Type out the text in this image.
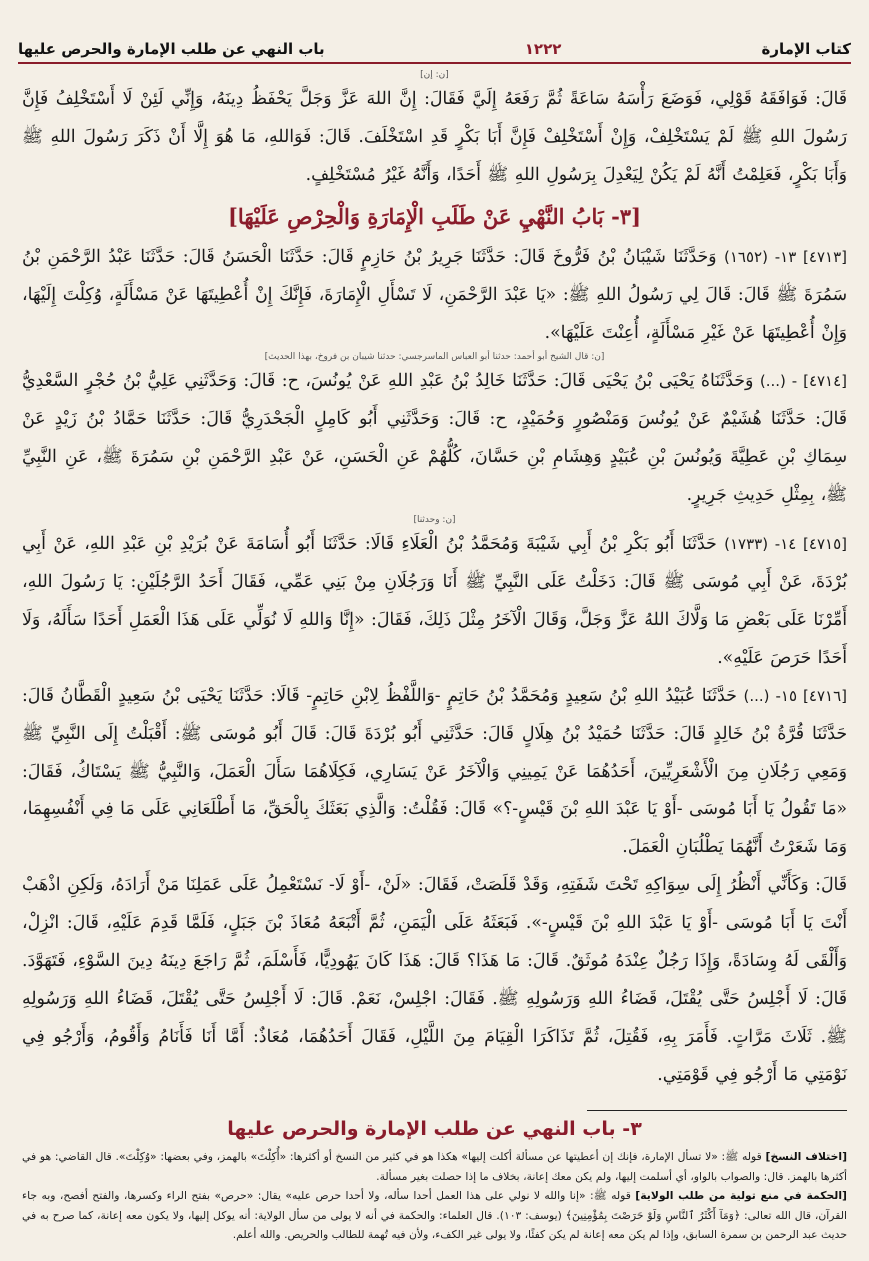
كتاب الإمارة
١٢٢٢
باب النهي عن طلب الإمارة والحرص عليها
[ن: إن]

قَالَ: فَوَافَقَهُ قَوْلِي، فَوَضَعَ رَأْسَهُ سَاعَةً ثُمَّ رَفَعَهُ إِلَيَّ فَقَالَ: إِنَّ اللهَ عَزَّ وَجَلَّ يَحْفَظُ دِينَهُ، وَإِنِّي لَئِنْ لَا أَسْتَخْلِفُ فَإِنَّ رَسُولَ اللهِ ﷺ لَمْ يَسْتَخْلِفْ، وَإِنْ أَسْتَخْلِفْ فَإِنَّ أَبَا بَكْرٍ قَدِ اسْتَخْلَفَ. قَالَ: فَوَاللهِ، مَا هُوَ إِلَّا أَنْ ذَكَرَ رَسُولَ اللهِ ﷺ وَأَبَا بَكْرٍ، فَعَلِمْتُ أَنَّهُ لَمْ يَكُنْ لِيَعْدِلَ بِرَسُولِ اللهِ ﷺ أَحَدًا، وَأَنَّهُ غَيْرُ مُسْتَخْلِفٍ.

[٣- بَابُ النَّهْيِ عَنْ طَلَبِ الْإِمَارَةِ وَالْحِرْصِ عَلَيْهَا]

[٤٧١٣] ١٣- (١٦٥٢) وَحَدَّثَنَا شَيْبَانُ بْنُ فَرُّوخَ قَالَ: حَدَّثَنَا جَرِيرُ بْنُ حَازِمٍ قَالَ: حَدَّثَنَا الْحَسَنُ قَالَ: حَدَّثَنَا عَبْدُ الرَّحْمَنِ بْنُ سَمُرَةَ ﷺ قَالَ: قَالَ لِي رَسُولُ اللهِ ﷺ: «يَا عَبْدَ الرَّحْمَنِ، لَا تَسْأَلِ الْإِمَارَةَ، فَإِنَّكَ إِنْ أُعْطِيتَهَا عَنْ مَسْأَلَةٍ، وُكِلْتَ إِلَيْهَا، وَإِنْ أُعْطِيتَهَا عَنْ غَيْرِ مَسْأَلَةٍ، أُعِنْتَ عَلَيْهَا».

[ن: قال الشيخ أبو أحمد: حدثنا أبو العباس الماسرجسي: حدثنا شيبان بن فروخ، بهذا الحديث]

[٤٧١٤] - (...) وَحَدَّثَنَاهُ يَحْيَى بْنُ يَحْيَى قَالَ: حَدَّثَنَا خَالِدُ بْنُ عَبْدِ اللهِ عَنْ يُونُسَ، ح: قَالَ: وَحَدَّثَنِي عَلِيُّ بْنُ حُجْرٍ السَّعْدِيُّ قَالَ: حَدَّثَنَا هُشَيْمٌ عَنْ يُونُسَ وَمَنْصُورٍ وَحُمَيْدٍ، ح: قَالَ: وَحَدَّثَنِي أَبُو كَامِلٍ الْجَحْدَرِيُّ قَالَ: حَدَّثَنَا حَمَّادُ بْنُ زَيْدٍ عَنْ سِمَاكِ بْنِ عَطِيَّةَ وَيُونُسَ بْنِ عُبَيْدٍ وَهِشَامِ بْنِ حَسَّانَ، كُلُّهُمْ عَنِ الْحَسَنِ، عَنْ عَبْدِ الرَّحْمَنِ بْنِ سَمُرَةَ ﷺ، عَنِ النَّبِيِّ ﷺ، بِمِثْلِ حَدِيثِ جَرِيرٍ.

[ن: وحدثنا]

[٤٧١٥] ١٤- (١٧٣٣) حَدَّثَنَا أَبُو بَكْرِ بْنُ أَبِي شَيْبَةَ وَمُحَمَّدُ بْنُ الْعَلَاءِ قَالَا: حَدَّثَنَا أَبُو أُسَامَةَ عَنْ بُرَيْدِ بْنِ عَبْدِ اللهِ، عَنْ أَبِي بُرْدَةَ، عَنْ أَبِي مُوسَى ﷺ قَالَ: دَخَلْتُ عَلَى النَّبِيِّ ﷺ أَنَا وَرَجُلَانِ مِنْ بَنِي عَمِّي، فَقَالَ أَحَدُ الرَّجُلَيْنِ: يَا رَسُولَ اللهِ، أَمِّرْنَا عَلَى بَعْضِ مَا وَلَّاكَ اللهُ عَزَّ وَجَلَّ، وَقَالَ الْآخَرُ مِثْلَ ذَلِكَ، فَقَالَ: «إِنَّا وَاللهِ لَا نُوَلِّي عَلَى هَذَا الْعَمَلِ أَحَدًا سَأَلَهُ، وَلَا أَحَدًا حَرَصَ عَلَيْهِ».

[٤٧١٦] ١٥- (...) حَدَّثَنَا عُبَيْدُ اللهِ بْنُ سَعِيدٍ وَمُحَمَّدُ بْنُ حَاتِمٍ -وَاللَّفْظُ لِابْنِ حَاتِمٍ- قَالَا: حَدَّثَنَا يَحْيَى بْنُ سَعِيدٍ الْقَطَّانُ قَالَ: حَدَّثَنَا قُرَّةُ بْنُ خَالِدٍ قَالَ: حَدَّثَنَا حُمَيْدُ بْنُ هِلَالٍ قَالَ: حَدَّثَنِي أَبُو بُرْدَةَ قَالَ: قَالَ أَبُو مُوسَى ﷺ: أَقْبَلْتُ إِلَى النَّبِيِّ ﷺ وَمَعِي رَجُلَانِ مِنَ الْأَشْعَرِيِّينَ، أَحَدُهُمَا عَنْ يَمِينِي وَالْآخَرُ عَنْ يَسَارِي، فَكِلَاهُمَا سَأَلَ الْعَمَلَ، وَالنَّبِيُّ ﷺ يَسْتَاكُ، فَقَالَ: «مَا تَقُولُ يَا أَبَا مُوسَى -أَوْ يَا عَبْدَ اللهِ بْنَ قَيْسٍ-؟» قَالَ: فَقُلْتُ: وَالَّذِي بَعَثَكَ بِالْحَقِّ، مَا أَطْلَعَانِي عَلَى مَا فِي أَنْفُسِهِمَا، وَمَا شَعَرْتُ أَنَّهُمَا يَطْلُبَانِ الْعَمَلَ.

قَالَ: وَكَأَنِّي أَنْظُرُ إِلَى سِوَاكِهِ تَحْتَ شَفَتِهِ، وَقَدْ قَلَصَتْ، فَقَالَ: «لَنْ، -أَوْ لَا- نَسْتَعْمِلُ عَلَى عَمَلِنَا مَنْ أَرَادَهُ، وَلَكِنِ اذْهَبْ أَنْتَ يَا أَبَا مُوسَى -أَوْ يَا عَبْدَ اللهِ بْنَ قَيْسٍ-». فَبَعَثَهُ عَلَى الْيَمَنِ، ثُمَّ أَتْبَعَهُ مُعَاذَ بْنَ جَبَلٍ، فَلَمَّا قَدِمَ عَلَيْهِ، قَالَ: انْزِلْ، وَأَلْقَى لَهُ وِسَادَةً، وَإِذَا رَجُلٌ عِنْدَهُ مُوثَقٌ. قَالَ: مَا هَذَا؟ قَالَ: هَذَا كَانَ يَهُودِيًّا، فَأَسْلَمَ، ثُمَّ رَاجَعَ دِينَهُ دِينَ السَّوْءِ، فَتَهَوَّدَ. قَالَ: لَا أَجْلِسُ حَتَّى يُقْتَلَ، قَضَاءُ اللهِ وَرَسُولِهِ ﷺ. فَقَالَ: اجْلِسْ، نَعَمْ. قَالَ: لَا أَجْلِسُ حَتَّى يُقْتَلَ، قَضَاءُ اللهِ وَرَسُولِهِ ﷺ. ثَلَاثَ مَرَّاتٍ. فَأَمَرَ بِهِ، فَقُتِلَ، ثُمَّ تَذَاكَرَا الْقِيَامَ مِنَ اللَّيْلِ، فَقَالَ أَحَدُهُمَا، مُعَاذٌ: أَمَّا أَنَا فَأَنَامُ وَأَقُومُ، وَأَرْجُو فِي نَوْمَتِي مَا أَرْجُو فِي قَوْمَتِي.

٣- باب النهي عن طلب الإمارة والحرص عليها

[اختلاف النسخ] قوله ﷺ: «لا تسأل الإمارة، فإنك إن أعطيتها عن مسألة أكلت إليها» هكذا هو في كثير من النسخ أو أكثرها: «أُكِلْتَ» بالهمز، وفي بعضها: «وُكِلْتَ». قال القاضي: هو في أكثرها بالهمز. قال: والصواب بالواو، أي أسلمت إليها، ولم يكن معك إعانة، بخلاف ما إذا حصلت بغير مسألة.

[الحكمة في منع تولية من طلب الولاية] قوله ﷺ: «إنا والله لا نولي على هذا العمل أحدا سأله، ولا أحدا حرص عليه» يقال: «حرص» بفتح الراء وكسرها، والفتح أفصح، وبه جاء القرآن، قال الله تعالى: ﴿وَمَآ أَكْثَرُ ٱلنَّاسِ وَلَوْ حَرَصْتَ بِمُؤْمِنِينَ﴾ (يوسف: ١٠٣). قال العلماء: والحكمة في أنه لا يولى من سأل الولاية: أنه يوكل إليها، ولا يكون معه إعانة، كما صرح به في حديث عبد الرحمن بن سمرة السابق، وإذا لم يكن معه إعانة لم يكن كفئًا، ولا يولى غير الكفء، ولأن فيه تُهمة للطالب والحريص. والله أعلم.
